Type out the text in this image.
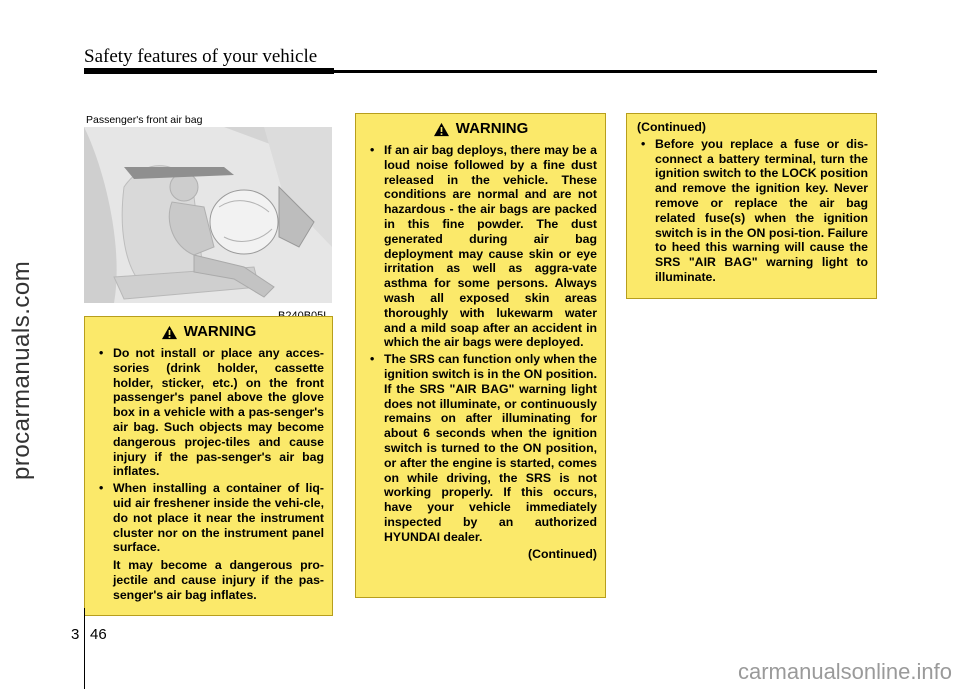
Safety features of your vehicle
procarmanuals.com
Passenger's front air bag
WARNING
• Do not install or place any acces-sories (drink holder, cassette holder, sticker, etc.) on the front passenger's panel above the glove box in a vehicle with a pas-senger's air bag. Such objects may become dangerous projec-tiles and cause injury if the pas-senger's air bag inflates.
• When installing a container of liq-uid air freshener inside the vehi-cle, do not place it near the instrument cluster nor on the instrument panel surface.

It may become a dangerous pro-jectile and cause injury if the pas-senger's air bag inflates.

WARNING
• If an air bag deploys, there may be a loud noise followed by a fine dust released in the vehicle. These conditions are normal and are not hazardous - the air bags are packed in this fine powder. The dust generated during air bag deployment may cause skin or eye irritation as well as aggra-vate asthma for some persons. Always wash all exposed skin areas thoroughly with lukewarm water and a mild soap after an accident in which the air bags were deployed.
• The SRS can function only when the ignition switch is in the ON position. If the SRS "AIR BAG" warning light does not illuminate, or continuously remains on after illuminating for about 6 seconds when the ignition switch is turned to the ON position, or after the engine is started, comes on while driving, the SRS is not working properly. If this occurs, have your vehicle immediately inspected by an authorized HYUNDAI dealer.
(Continued)
(Continued)
• Before you replace a fuse or dis-connect a battery terminal, turn the ignition switch to the LOCK position and remove the ignition key. Never remove or replace the air bag related fuse(s) when the ignition switch is in the ON posi-tion. Failure to heed this warning will cause the SRS "AIR BAG" warning light to illuminate.
3 46
carmanualsonline.info
